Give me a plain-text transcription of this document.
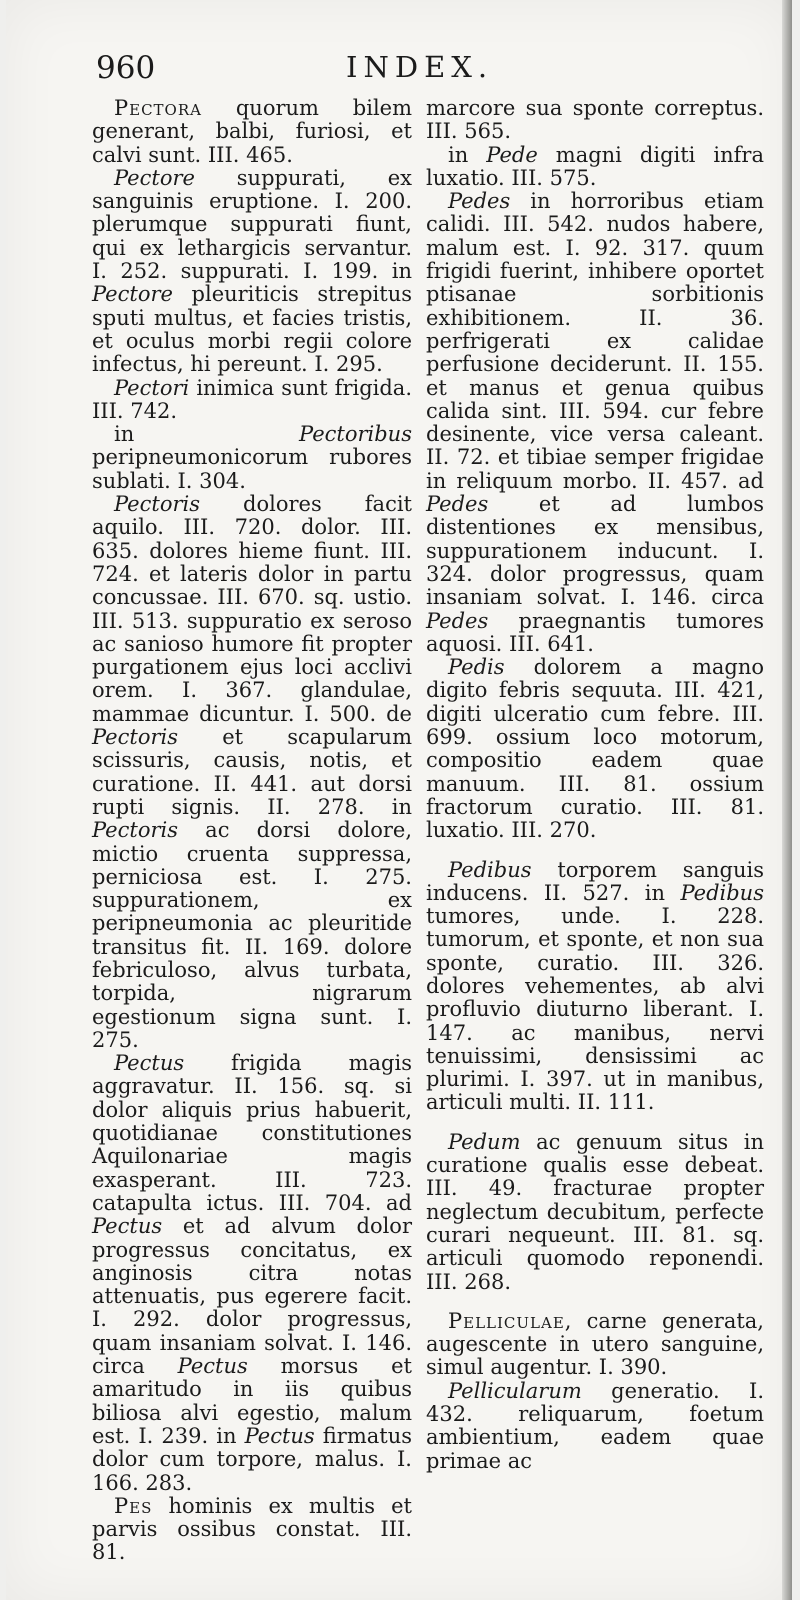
960	INDEX.

Pectora quorum bilem generant, balbi, furiosi, et calvi sunt. III. 465.

Pectore suppurati, ex sanguinis eruptione. I. 200. plerumque suppurati fiunt, qui ex lethargicis servantur. I. 252. suppurati. I. 199. in Pectore pleuriticis strepitus sputi multus, et facies tristis, et oculus morbi regii colore infectus, hi pereunt. I. 295.

Pectori inimica sunt frigida. III. 742.

in Pectoribus peripneumonicorum rubores sublati. I. 304.

Pectoris dolores facit aquilo. III. 720. dolor. III. 635. dolores hieme fiunt. III. 724. et lateris dolor in partu concussae. III. 670. sq. ustio. III. 513. suppuratio ex seroso ac sanioso humore fit propter purgationem ejus loci acclivi orem. I. 367. glandulae, mammae dicuntur. I. 500. de Pectoris et scapularum scissuris, causis, notis, et curatione. II. 441. aut dorsi rupti signis. II. 278. in Pectoris ac dorsi dolore, mictio cruenta suppressa, perniciosa est. I. 275. suppurationem, ex peripneumonia ac pleuritide transitus fit. II. 169. dolore febriculoso, alvus turbata, torpida, nigrarum egestionum signa sunt. I. 275.

Pectus frigida magis aggravatur. II. 156. sq. si dolor aliquis prius habuerit, quotidianae constitutiones Aquilonariae magis exasperant. III. 723. catapulta ictus. III. 704. ad Pectus et ad alvum dolor progressus concitatus, ex anginosis citra notas attenuatis, pus egerere facit. I. 292. dolor progressus, quam insaniam solvat. I. 146. circa Pectus morsus et amaritudo in iis quibus biliosa alvi egestio, malum est. I. 239. in Pectus firmatus dolor cum torpore, malus. I. 166. 283.

Pes hominis ex multis et parvis ossibus constat. III. 81.

marcore sua sponte correptus. III. 565.

in Pede magni digiti infra luxatio. III. 575.

Pedes in horroribus etiam calidi. III. 542. nudos habere, malum est. I. 92. 317. quum frigidi fuerint, inhibere oportet ptisanae sorbitionis exhibitionem. II. 36. perfrigerati ex calidae perfusione deciderunt. II. 155. et manus et genua quibus calida sint. III. 594. cur febre desinente, vice versa caleant. II. 72. et tibiae semper frigidae in reliquum morbo. II. 457. ad Pedes et ad lumbos distentiones ex mensibus, suppurationem inducunt. I. 324. dolor progressus, quam insaniam solvat. I. 146. circa Pedes praegnantis tumores aquosi. III. 641.

Pedis dolorem a magno digito febris sequuta. III. 421, digiti ulceratio cum febre. III. 699. ossium loco motorum, compositio eadem quae manuum. III. 81. ossium fractorum curatio. III. 81. luxatio. III. 270.

Pedibus torporem sanguis inducens. II. 527. in Pedibus tumores, unde. I. 228. tumorum, et sponte, et non sua sponte, curatio. III. 326. dolores vehementes, ab alvi profluvio diuturno liberant. I. 147. ac manibus, nervi tenuissimi, densissimi ac plurimi. I. 397. ut in manibus, articuli multi. II. 111.

Pedum ac genuum situs in curatione qualis esse debeat. III. 49. fracturae propter neglectum decubitum, perfecte curari nequeunt. III. 81. sq. articuli quomodo reponendi. III. 268.

Pelliculae, carne generata, augescente in utero sanguine, simul augentur. I. 390.

Pellicularum generatio. I. 432. reliquarum, foetum ambientium, eadem quae primae ac
